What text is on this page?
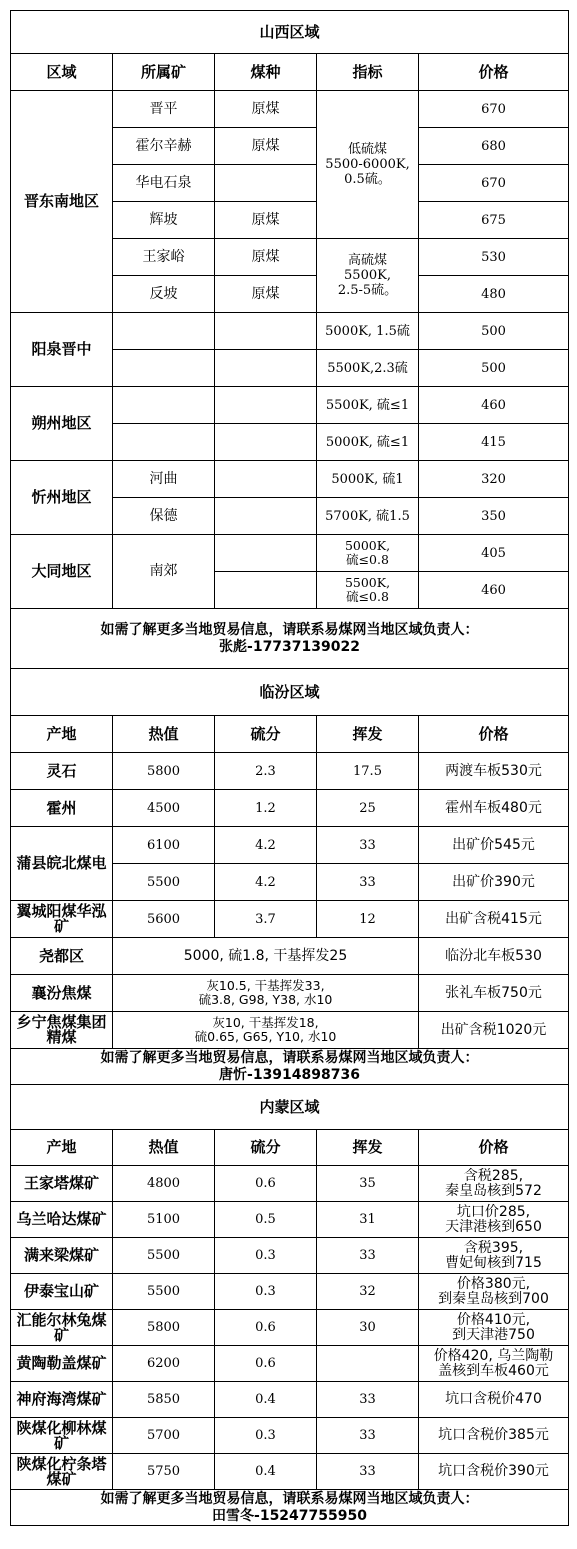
山西区域				
区域	所属矿	煤种	指标	价格
晋东南地区	晋平	原煤	低硫煤
5500-6000K,
0.5硫。	670
	霍尔辛赫	原煤		680
	华电石泉			670
	辉坡	原煤		675
	王家峪	原煤	高硫煤
5500K,
2.5-5硫。	530
	反坡	原煤		480
阳泉晋中			5000K, 1.5硫	500
			5500K,2.3硫	500
朔州地区			5500K, 硫≤1	460
			5000K, 硫≤1	415
忻州地区	河曲		5000K, 硫1	320
	保德		5700K, 硫1.5	350
大同地区	南郊		5000K,
硫≤0.8	405

			5500K,
硫≤0.8	460

如需了解更多当地贸易信息，请联系易煤网当地区域负责人：
张彪-17737139022				

临汾区域				
产地	热值	硫分	挥发	价格
灵石	5800	2.3	17.5	两渡车板530元
霍州	4500	1.2	25	霍州车板480元
蒲县皖北煤电	6100	4.2	33	出矿价545元
	5500	4.2	33	出矿价390元
翼城阳煤华泓矿	5600	3.7	12	出矿含税415元
尧都区	5000, 硫1.8, 干基挥发25			临汾北车板530
襄汾焦煤	灰10.5, 干基挥发33,
硫3.8, G98, Y38, 水10			张礼车板750元
乡宁焦煤集团精煤	灰10, 干基挥发18,
硫0.65, G65, Y10, 水10			出矿含税1020元

如需了解更多当地贸易信息，请联系易煤网当地区域负责人：
唐忻-13914898736				

内蒙区域				
产地	热值	硫分	挥发	价格
王家塔煤矿	4800	0.6	35	含税285,
秦皇岛核到572

乌兰哈达煤矿	5100	0.5	31	坑口价285,
天津港核到650

满来梁煤矿	5500	0.3	33	含税395,
曹妃甸核到715

伊泰宝山矿	5500	0.3	32	价格380元,
到秦皇岛核到700

汇能尔林兔煤矿	5800	0.6	30	价格410元,
到天津港750

黄陶勒盖煤矿	6200	0.6		价格420, 乌兰陶勒
盖核到车板460元

神府海湾煤矿	5850	0.4	33	坑口含税价470
陕煤化柳林煤矿	5700	0.3	33	坑口含税价385元
陕煤化柠条塔煤矿	5750	0.4	33	坑口含税价390元

如需了解更多当地贸易信息，请联系易煤网当地区域负责人：
田雪冬-15247755950				
